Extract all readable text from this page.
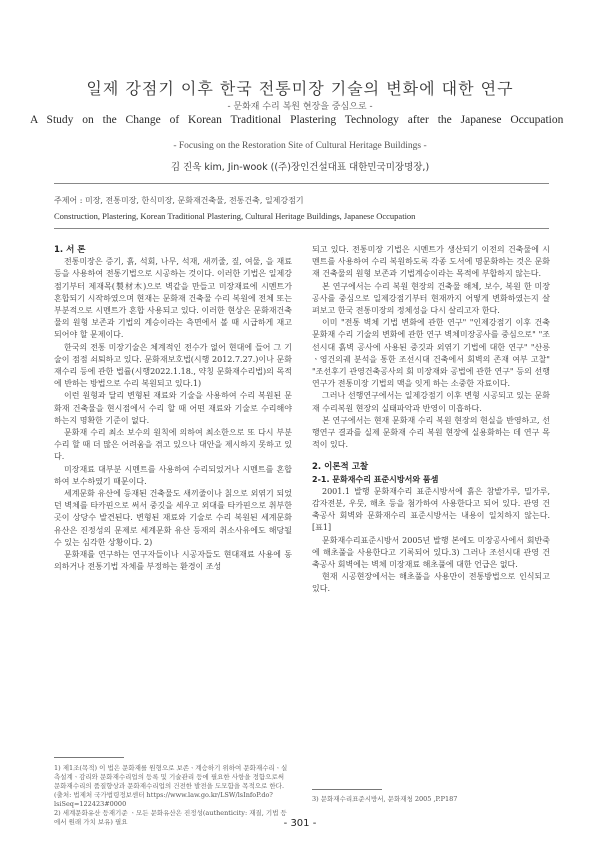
일제 강점기 이후 한국 전통미장 기술의 변화에 대한 연구
- 문화재 수리 복원 현장을 중심으로 -
A Study on the Change of Korean Traditional Plastering Technology after the Japanese Occupation
- Focusing on the Restoration Site of Cultural Heritage Buildings -
김 진욱 kim, Jin-wook ((주)장인건설대표 대한민국미장명장,)
주제어 : 미장, 전통미장, 한식미장, 문화재건축물, 전통건축, 일제강점기
Construction, Plastering, Korean Traditional Plastering, Cultural Heritage Buildings, Japanese Occupation

1. 서 론

전통미장은 증기, 흙, 석회, 나무, 석재, 새끼줄, 짚, 여물, 을 재료 등을 사용하여 전통기법으로 시공하는 것이다. 이러한 기법은 일제강점기부터 제재목(製材木)으로 벽같을 만들고 미장재료에 시멘트가 혼합되기 시작하였으며 현재는 문화재 건축물 수리 복원에 전체 또는 부분적으로 시멘트가 혼합 사용되고 있다. 이러한 현상은 문화재건축물의 원형 보존과 기법의 계승이라는 측면에서 볼 때 시급하게 재고되어야 할 문제이다.

한국의 전통 미장기술은 체계적인 전수가 없어 현대에 들어 그 기술이 점점 쇠퇴하고 있다. 문화재보호법(시행 2012.7.27.)이나 문화재수리 등에 관한 법률(시행2022.1.18., 약칭 문화재수리법)의 목적에 반하는 방법으로 수리 복원되고 있다.1)

이런 원형과 달리 변형된 재료와 기술을 사용하여 수리 복원된 문화재 건축물을 현시점에서 수리 할 때 어떤 재료와 기술로 수리해야 하는지 명확한 기준이 없다.

문화재 수리 최소 보수의 원칙에 의하여 최소한으로 또 다시 부분 수리 할 때 더 많은 어려움을 겪고 있으나 대안을 제시하지 못하고 있다.

미장재료 대부분 시멘트를 사용하여 수리되었거나 시멘트를 혼합하여 보수하였기 때문이다.

세계문화 유산에 등재된 건축물도 새끼줄이나 칡으로 외엮기 되었던 벽체를 타카핀으로 써서 중깃을 세우고 외대를 타카핀으로 취부한 곳이 상당수 발견된다. 변형된 재료와 기술로 수리 복원된 세계문화유산은 진정성의 문제로 세계문화 유산 등재의 취소사유에도 해당될 수 있는 심각한 상황이다. 2)

문화재를 연구하는 연구자들이나 시공자들도 현대재료 사용에 동의하거나 전통기법 자체를 부정하는 환경이 조성

1) 제1조(목적) 이 법은 문화재를 원형으로 보존ㆍ계승하기 위하여 문화재수리ㆍ실측설계ㆍ감리와 문화재수리업의 등록 및 기술관리 등에 필요한 사항을 정함으로써 문화재수리의 품질향상과 문화재수리업의 건전한 발전을 도모함을 목적으로 한다.(출처: 법제처 국가법령정보센터 https://www.law.go.kr/LSW/lsInfoP.do?lsiSeq=122423#0000

2) 세계문화유산 등재기준 ㆍ모든 문화유산은 진정성(authenticity: 재질, 기법 등에서 원래 가치 보유) 필요

되고 있다. 전통미장 기법은 시멘트가 생산되기 이전의 건축물에 시멘트를 사용하여 수리 복원하도록 각종 도서에 명문화하는 것은 문화재 건축물의 원형 보존과 기법계승이라는 목적에 부합하지 않는다.

본 연구에서는 수리 복원 현장의 건축물 해체, 보수, 복원 한 미장공사를 중심으로 일제강점기부터 현재까지 어떻게 변화하였는지 살펴보고 한국 전통미장의 정체성을 다시 살리고자 한다.

이미 "전통 벽체 기법 변화에 관한 연구" "인제강점기 이후 건축 문화재 수리 기술의 변화에 관한 연구 벽체미장공사를 중심으로" "조선시대 흙벽 공사에 사용된 중깃과 외엮기 기법에 대한 연구" "산릉ㆍ영건의궤 분석을 통한 조선시대 건축에서 회벽의 존재 여부 고찰" "조선후기 관영건축공사의 회 미장재와 공법에 관한 연구" 등의 선행연구가 전통미장 기법의 맥을 잇게 하는 소중한 자료이다.

그러나 선행연구에서는 일제강점기 이후 변형 시공되고 있는 문화재 수리복원 현장의 실태파악과 반영이 미흡하다.

본 연구에서는 현재 문화재 수리 복원 현장의 현실을 반영하고, 선행연구 결과를 실제 문화재 수리 복원 현장에 실용화하는 데 연구 목적이 있다.

2. 이론적 고찰

2-1. 문화재수리 표준시방서와 품셈

2001.1 발행 문화재수리 표준시방서에 흙은 참밭가루, 밀가루, 감자전분, 우뭇, 해초 등을 첨가하여 사용한다고 되어 있다. 관영 건축공사 회벽와 문화재수리 표준시방서는 내용이 일치하지 않는다. [표1]

문화재수리표준시방서 2005년 발행 본에도 미장공사에서 회반죽에 해초풀을 사용한다고 기록되어 있다.3) 그러나 조선시대 관영 건축공사 회벽에는 벽체 미장재료 해초풀에 대한 언급은 없다.

현재 시공현장에서는 해초풀을 사용만이 전통방법으로 인식되고 있다.

3) 문화재수리표준시방서, 문화재청 2005 ,P.P187

- 301 -
